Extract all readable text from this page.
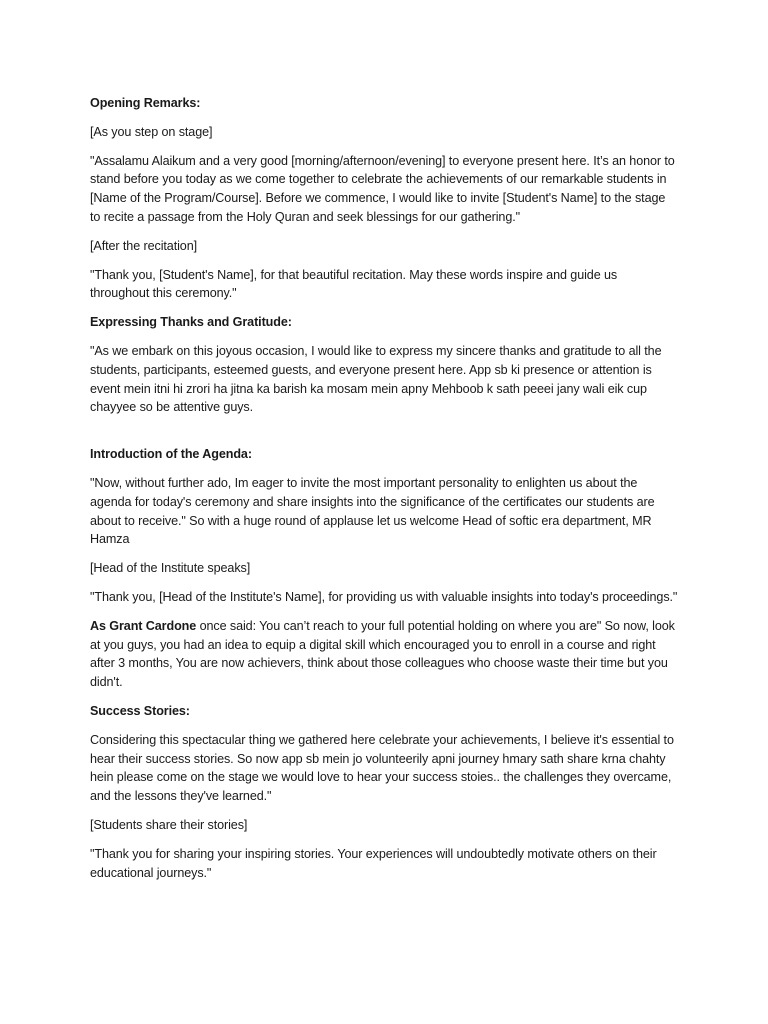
Opening Remarks:

[As you step on stage]

"Assalamu Alaikum and a very good [morning/afternoon/evening] to everyone present here. It’s an honor to stand before you today as we come together to celebrate the achievements of our remarkable students in [Name of the Program/Course]. Before we commence, I would like to invite [Student's Name] to the stage to recite a passage from the Holy Quran and seek blessings for our gathering."

[After the recitation]

"Thank you, [Student's Name], for that beautiful recitation. May these words inspire and guide us throughout this ceremony."

Expressing Thanks and Gratitude:

"As we embark on this joyous occasion, I would like to express my sincere thanks and gratitude to all the students, participants, esteemed guests, and everyone present here. App sb ki presence or attention is event mein itni hi zrori ha jitna ka barish ka mosam mein apny Mehboob k sath peeei jany wali eik cup chayyee so be attentive guys.

Introduction of the Agenda:

"Now, without further ado, Im eager to invite the most important personality to enlighten us about the agenda for today's ceremony and share insights into the significance of the certificates our students are about to receive." So with a huge round of applause let us welcome Head of softic era department, MR Hamza

[Head of the Institute speaks]

"Thank you, [Head of the Institute's Name], for providing us with valuable insights into today's proceedings."

As Grant Cardone once said: You can’t reach to your full potential holding on where you are" So now, look at you guys, you had an idea to equip a digital skill which encouraged you to enroll in a course and right after 3 months, You are now achievers, think about those colleagues who choose waste their time but you didn't.

Success Stories:

Considering this spectacular thing we gathered here celebrate your achievements, I believe it's essential to hear their success stories. So now app sb mein jo volunteerily apni journey hmary sath share krna chahty hein please come on the stage we would love to hear your success stoies.. the challenges they overcame, and the lessons they've learned."

[Students share their stories]

"Thank you for sharing your inspiring stories. Your experiences will undoubtedly motivate others on their educational journeys."
